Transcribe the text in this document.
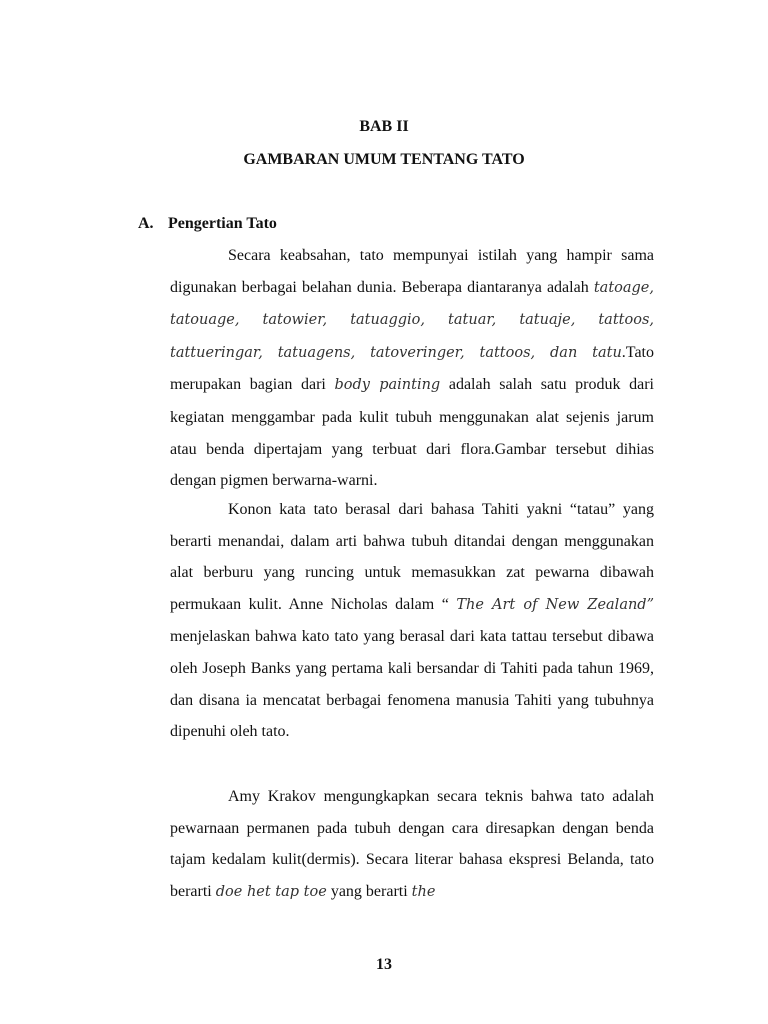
BAB II
GAMBARAN UMUM TENTANG TATO
A. Pengertian Tato

Secara keabsahan, tato mempunyai istilah yang hampir sama digunakan berbagai belahan dunia. Beberapa diantaranya adalah tatoage, tatouage, tatowier, tatuaggio, tatuar, tatuaje, tattoos, tattueringar, tatuagens, tatoveringer, tattoos, dan tatu.Tato merupakan bagian dari body painting adalah salah satu produk dari kegiatan menggambar pada kulit tubuh menggunakan alat sejenis jarum atau benda dipertajam yang terbuat dari flora.Gambar tersebut dihias dengan pigmen berwarna-warni.

Konon kata tato berasal dari bahasa Tahiti yakni “tatau” yang berarti menandai, dalam arti bahwa tubuh ditandai dengan menggunakan alat berburu yang runcing untuk memasukkan zat pewarna dibawah permukaan kulit. Anne Nicholas dalam “ The Art of New Zealand” menjelaskan bahwa kato tato yang berasal dari kata tattau tersebut dibawa oleh Joseph Banks yang pertama kali bersandar di Tahiti pada tahun 1969, dan disana ia mencatat berbagai fenomena manusia Tahiti yang tubuhnya dipenuhi oleh tato.

Amy Krakov mengungkapkan secara teknis bahwa tato adalah pewarnaan permanen pada tubuh dengan cara diresapkan dengan benda tajam kedalam kulit(dermis). Secara literar bahasa ekspresi Belanda, tato berarti doe het tap toe yang berarti the

13
